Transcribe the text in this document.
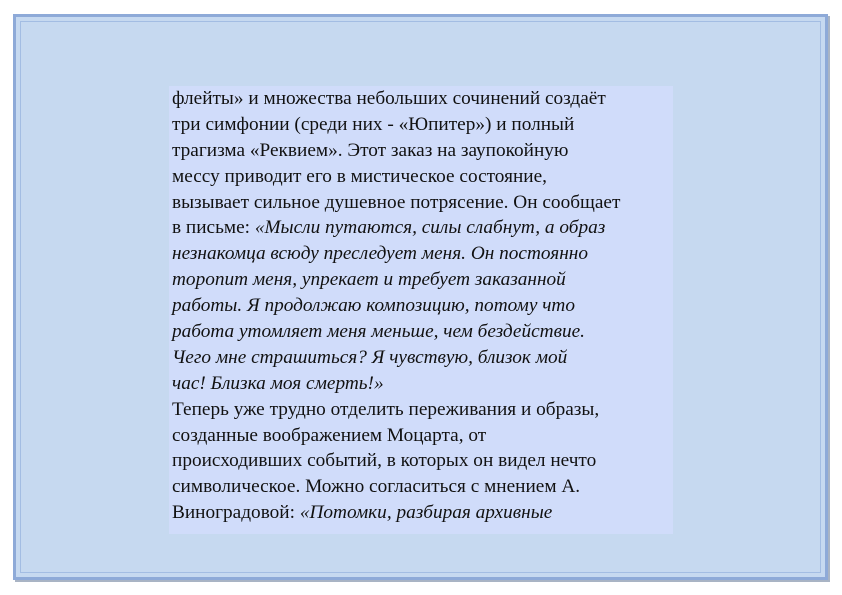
флейты» и множества небольших сочинений создаёт
три симфонии (среди них - «Юпитер») и полный
трагизма «Реквием». Этот заказ на заупокойную
мессу приводит его в мистическое состояние,
вызывает сильное душевное потрясение. Он сообщает
в письме: «Мысли путаются, силы слабнут, а образ
незнакомца всюду преследует меня. Он постоянно
торопит меня, упрекает и требует заказанной
работы. Я продолжаю композицию, потому что
работа утомляет меня меньше, чем бездействие.
Чего мне страшиться? Я чувствую, близок мой
час! Близка моя смерть!»
Теперь уже трудно отделить переживания и образы,
созданные воображением Моцарта, от
происходивших событий, в которых он видел нечто
символическое. Можно согласиться с мнением А.
Виноградовой: «Потомки, разбирая архивные
